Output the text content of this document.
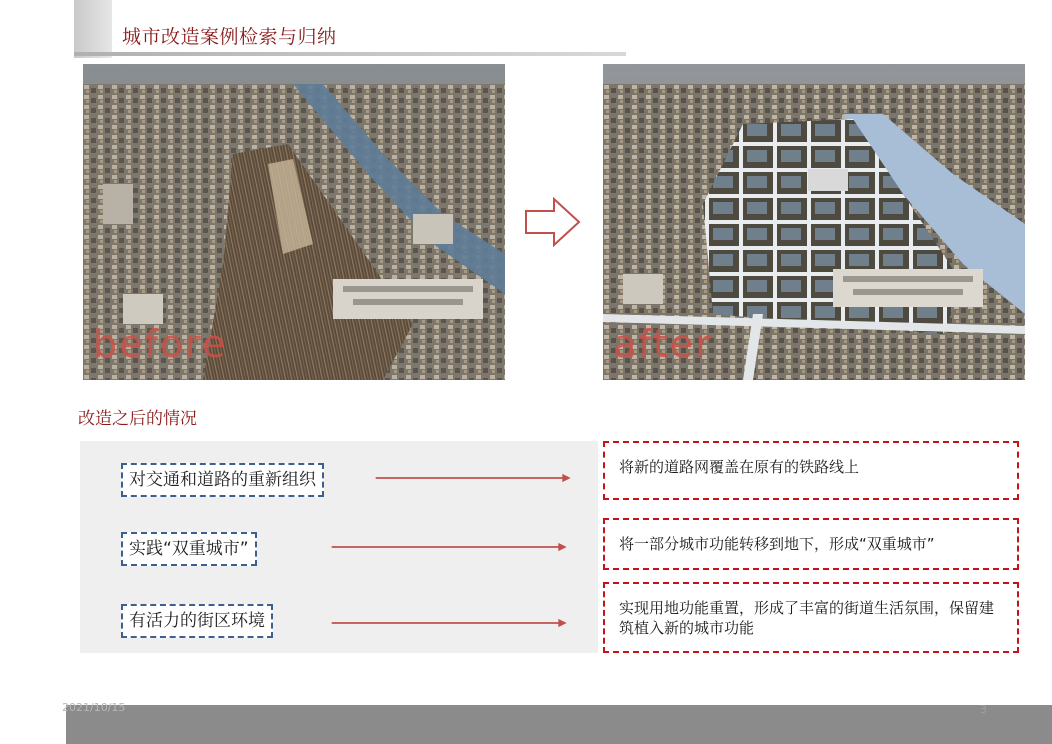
城市改造案例检索与归纳
before	after
改造之后的情况
对交通和道路的重新组织
将新的道路网覆盖在原有的铁路线上
实践“双重城市”	将一部分城市功能转移到地下，形成“双重城市”
有活力的街区环境
实现用地功能重置，形成了丰富的街道生活氛围，保留建筑植入新的城市功能
2021/10/15	3
